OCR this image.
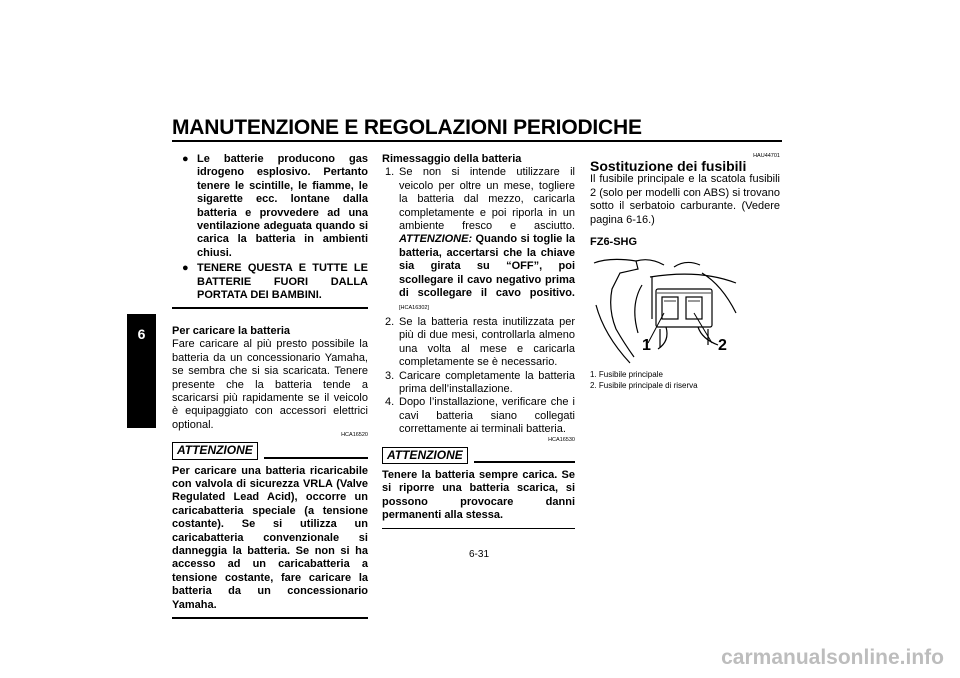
MANUTENZIONE E REGOLAZIONI PERIODICHE
6
● Le batterie producono gas idrogeno esplosivo. Pertanto tenere le scintille, le fiamme, le sigarette ecc. lontane dalla batteria e provvedere ad una ventilazione adeguata quando si carica la batteria in ambienti chiusi.

● TENERE QUESTA E TUTTE LE BATTERIE FUORI DALLA PORTATA DEI BAMBINI.

Per caricare la batteria

Fare caricare al più presto possibile la batteria da un concessionario Yamaha, se sembra che si sia scaricata. Tenere presente che la batteria tende a scaricarsi più rapidamente se il veicolo è equipaggiato con accessori elettrici optional.

HCA16520
ATTENZIONE

Per caricare una batteria ricaricabile con valvola di sicurezza VRLA (Valve Regulated Lead Acid), occorre un caricabatteria speciale (a tensione costante). Se si utilizza un caricabatteria convenzionale si danneggia la batteria. Se non si ha accesso ad un caricabatteria a tensione costante, fare caricare la batteria da un concessionario Yamaha.

Rimessaggio della batteria

1. Se non si intende utilizzare il veicolo per oltre un mese, togliere la batteria dal mezzo, caricarla completamente e poi riporla in un ambiente fresco e asciutto. ATTENZIONE: Quando si toglie la batteria, accertarsi che la chiave sia girata su “OFF”, poi scollegare il cavo negativo prima di scollegare il cavo positivo. [HCA16302]
2. Se la batteria resta inutilizzata per più di due mesi, controllarla almeno una volta al mese e caricarla completamente se è necessario.
3. Caricare completamente la batteria prima dell’installazione.
4. Dopo l’installazione, verificare che i cavi batteria siano collegati correttamente ai terminali batteria.
HCA16530
ATTENZIONE

Tenere la batteria sempre carica. Se si riporre una batteria scarica, si possono provocare danni permanenti alla stessa.

HAU44701

Sostituzione dei fusibili

Il fusibile principale e la scatola fusibili 2 (solo per modelli con ABS) si trovano sotto il serbatoio carburante. (Vedere pagina 6-16.)

FZ6-SHG

1	2
1. Fusibile principale
2. Fusibile principale di riserva
6-31
carmanualsonline.info
